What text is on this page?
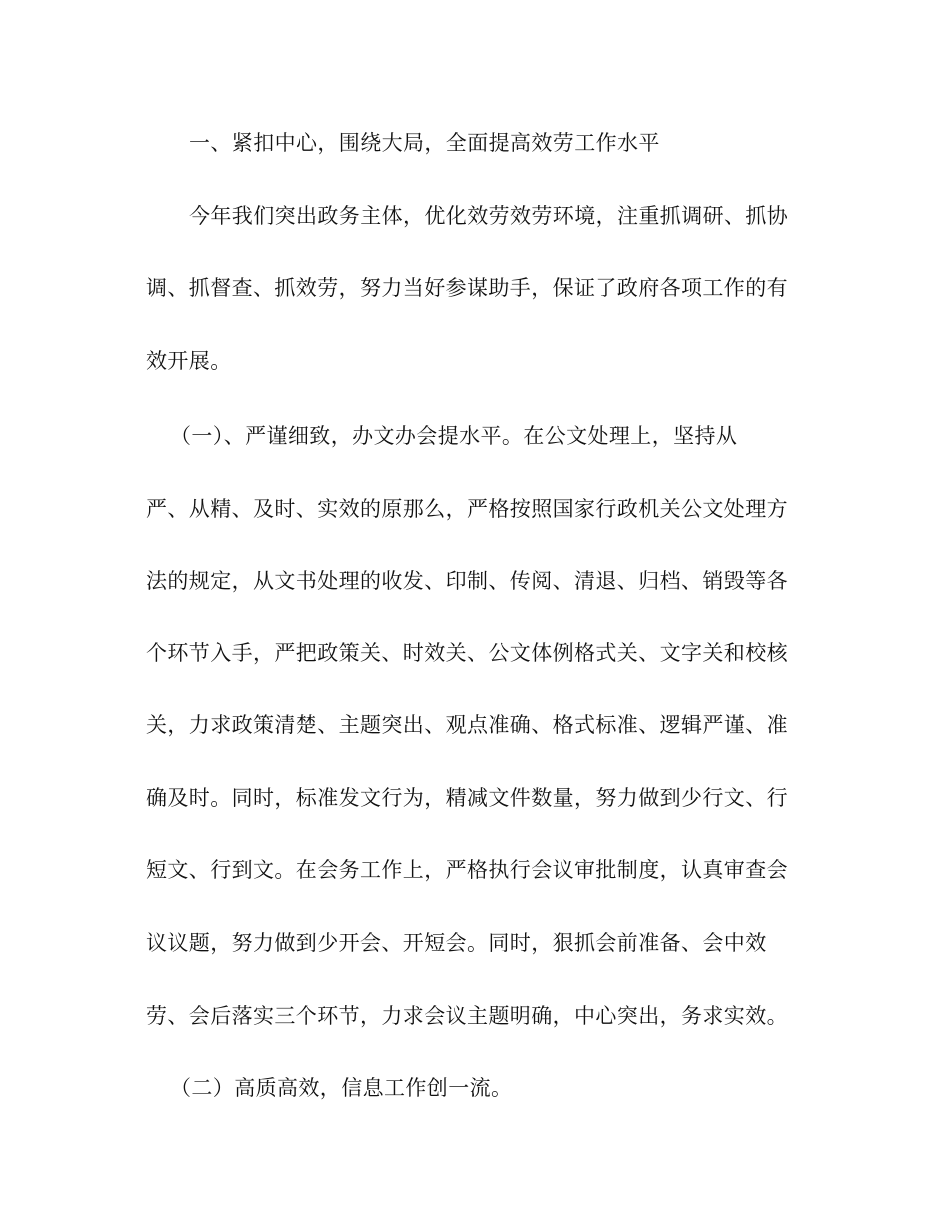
一、紧扣中心，围绕大局，全面提高效劳工作水平
今年我们突出政务主体，优化效劳效劳环境，注重抓调研、抓协
调、抓督查、抓效劳，努力当好参谋助手，保证了政府各项工作的有
效开展。
（一）、严谨细致，办文办会提水平。在公文处理上，坚持从
严、从精、及时、实效的原那么，严格按照国家行政机关公文处理方
法的规定，从文书处理的收发、印制、传阅、清退、归档、销毁等各
个环节入手，严把政策关、时效关、公文体例格式关、文字关和校核
关，力求政策清楚、主题突出、观点准确、格式标准、逻辑严谨、准
确及时。同时，标准发文行为，精减文件数量，努力做到少行文、行
短文、行到文。在会务工作上，严格执行会议审批制度，认真审查会
议议题，努力做到少开会、开短会。同时，狠抓会前准备、会中效
劳、会后落实三个环节，力求会议主题明确，中心突出，务求实效。
（二）高质高效，信息工作创一流。
